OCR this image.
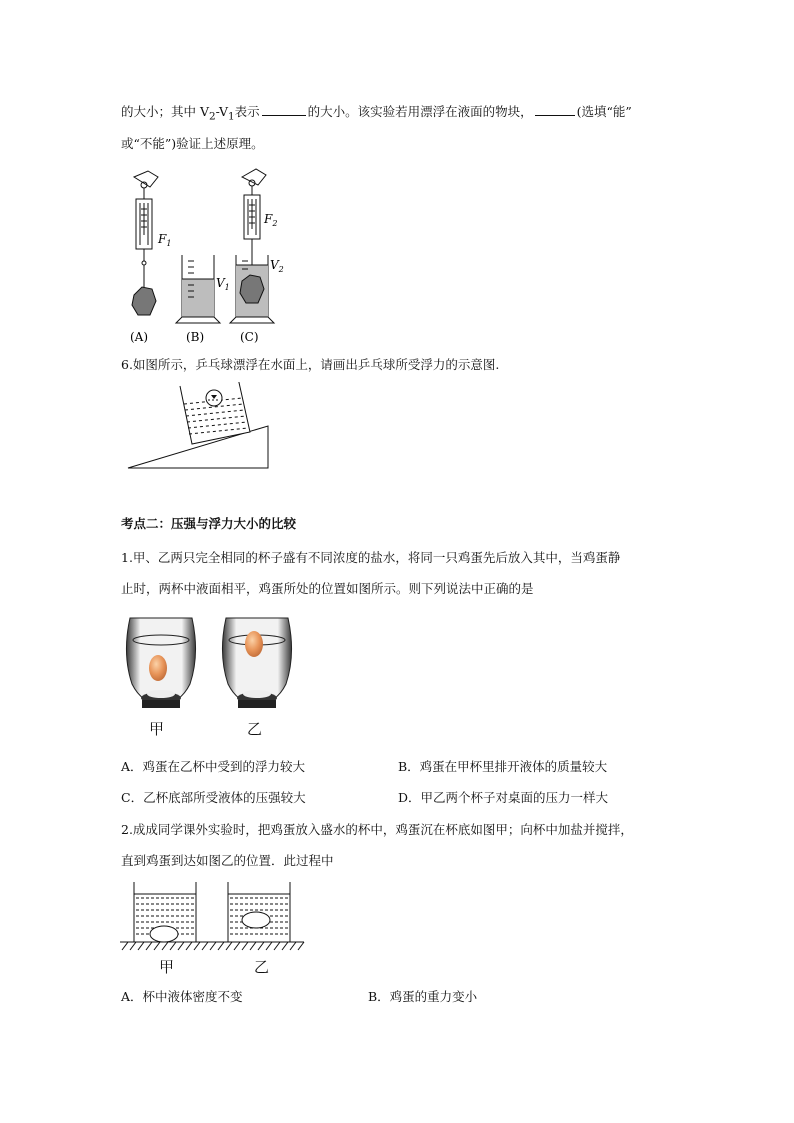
的大小；其中 $V_2-V_1$表示	的大小。该实验若用漂浮在液面的物块，	(选填“能”
或“不能”)验证上述原理。
$F_1$
$V_1$
$F_2$
$V_2$
(A)	(B)	(C)
6.如图所示，乒乓球漂浮在水面上，请画出乒乓球所受浮力的示意图.
考点二：压强与浮力大小的比较
1.甲、乙两只完全相同的杯子盛有不同浓度的盐水，将同一只鸡蛋先后放入其中，当鸡蛋静
止时，两杯中液面相平，鸡蛋所处的位置如图所示。则下列说法中正确的是
甲	乙
A．鸡蛋在乙杯中受到的浮力较大	B．鸡蛋在甲杯里排开液体的质量较大
C．乙杯底部所受液体的压强较大	D．甲乙两个杯子对桌面的压力一样大
2.成成同学课外实验时，把鸡蛋放入盛水的杯中，鸡蛋沉在杯底如图甲；向杯中加盐并搅拌，
直到鸡蛋到达如图乙的位置．此过程中
甲	乙
A．杯中液体密度不变	B．鸡蛋的重力变小
